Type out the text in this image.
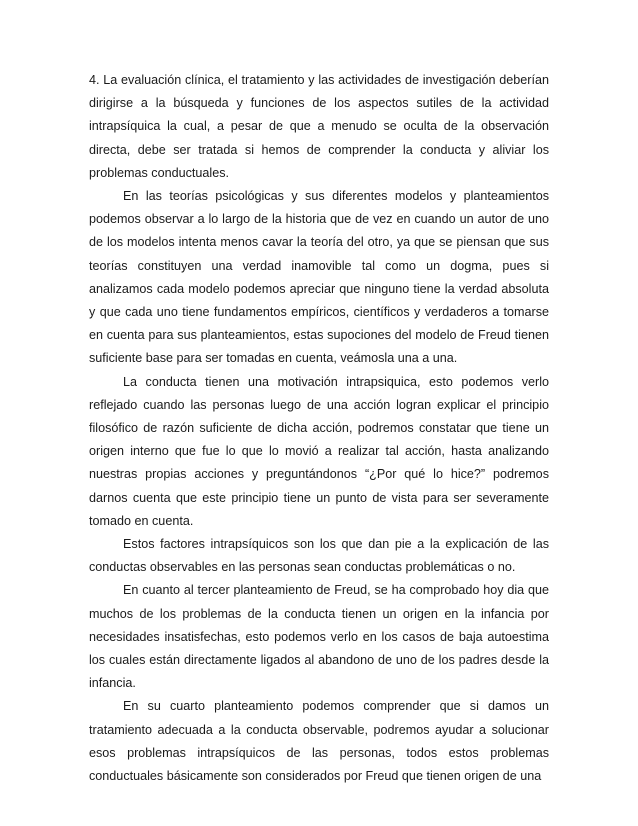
4. La evaluación clínica, el tratamiento y las actividades de investigación deberían dirigirse a la búsqueda y funciones de los aspectos sutiles de la actividad intrapsíquica la cual, a pesar de que a menudo se oculta de la observación directa, debe ser tratada si hemos de comprender la conducta y aliviar los problemas conductuales.

En las teorías psicológicas y sus diferentes modelos y planteamientos podemos observar a lo largo de la historia que de vez en cuando un autor de uno de los modelos intenta menos cavar la teoría del otro, ya que se piensan que sus teorías constituyen una verdad inamovible tal como un dogma, pues si analizamos cada modelo podemos apreciar que ninguno tiene la verdad absoluta y que cada uno tiene fundamentos empíricos, científicos y verdaderos a tomarse en cuenta para sus planteamientos, estas supociones del modelo de Freud tienen suficiente base para ser tomadas en cuenta, veámosla una a una.

La conducta tienen una motivación intrapsiquica, esto podemos verlo reflejado cuando las personas luego de una acción logran explicar el principio filosófico de razón suficiente de dicha acción, podremos constatar que tiene un origen interno que fue lo que lo movió a realizar tal acción, hasta analizando nuestras propias acciones y preguntándonos “¿Por qué lo hice?” podremos darnos cuenta que este principio tiene un punto de vista para ser severamente tomado en cuenta.

Estos factores intrapsíquicos son los que dan pie a la explicación de las conductas observables en las personas sean conductas problemáticas o no.

En cuanto al tercer planteamiento de Freud, se ha comprobado hoy dia que muchos de los problemas de la conducta tienen un origen en la infancia por necesidades insatisfechas, esto podemos verlo en los casos de baja autoestima los cuales están directamente ligados al abandono de uno de los padres desde la infancia.

En su cuarto planteamiento podemos comprender que si damos un tratamiento adecuada a la conducta observable, podremos ayudar a solucionar esos problemas intrapsíquicos de las personas, todos estos problemas conductuales básicamente son considerados por Freud que tienen origen de una
